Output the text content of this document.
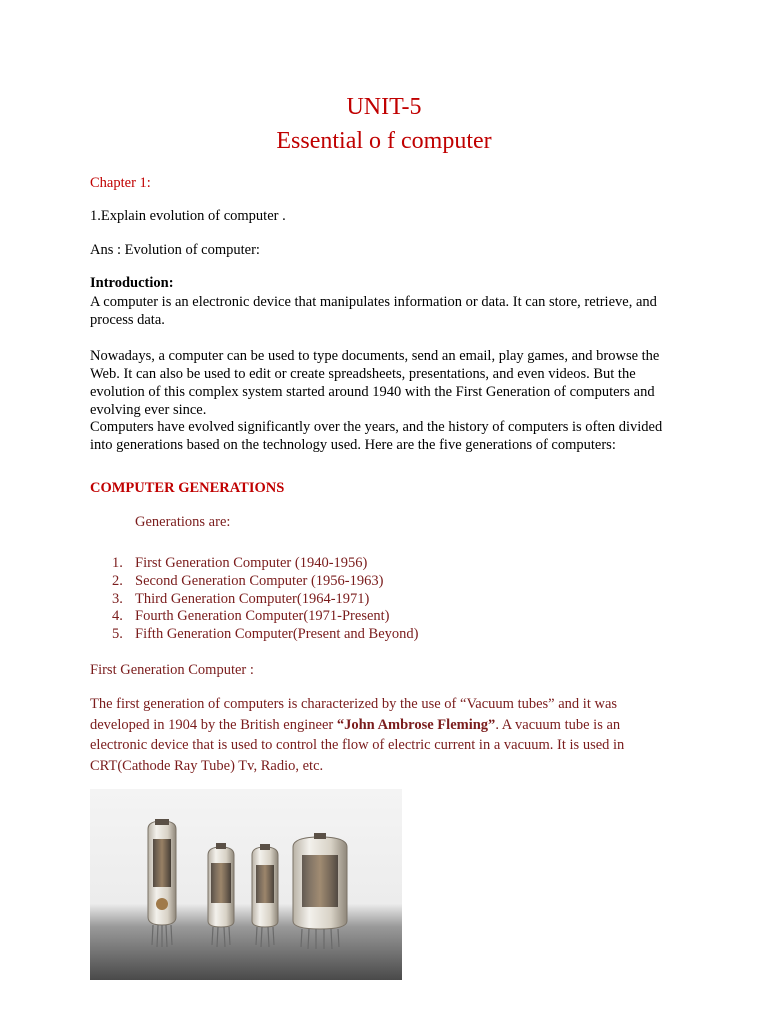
UNIT-5
Essential o f computer
Chapter 1:
1.Explain evolution of computer .
Ans : Evolution of computer:
Introduction:
A computer is an electronic device that manipulates information or data. It can store, retrieve, and process data.
Nowadays, a computer can be used to type documents, send an email, play games, and browse the Web. It can also be used to edit or create spreadsheets, presentations, and even videos. But the evolution of this complex system started around 1940 with the First Generation of computers and evolving ever since.
Computers have evolved significantly over the years, and the history of computers is often divided into generations based on the technology used. Here are the five generations of computers:
COMPUTER GENERATIONS
Generations are:
1. First Generation Computer (1940-1956)
2. Second Generation Computer (1956-1963)
3. Third Generation Computer(1964-1971)
4. Fourth Generation Computer(1971-Present)
5. Fifth Generation Computer(Present and Beyond)
First Generation Computer :
The first generation of computers is characterized by the use of “Vacuum tubes” and it was developed in 1904 by the British engineer “John Ambrose Fleming”. A vacuum tube is an electronic device that is used to control the flow of electric current in a vacuum. It is used in CRT(Cathode Ray Tube) Tv, Radio, etc.
